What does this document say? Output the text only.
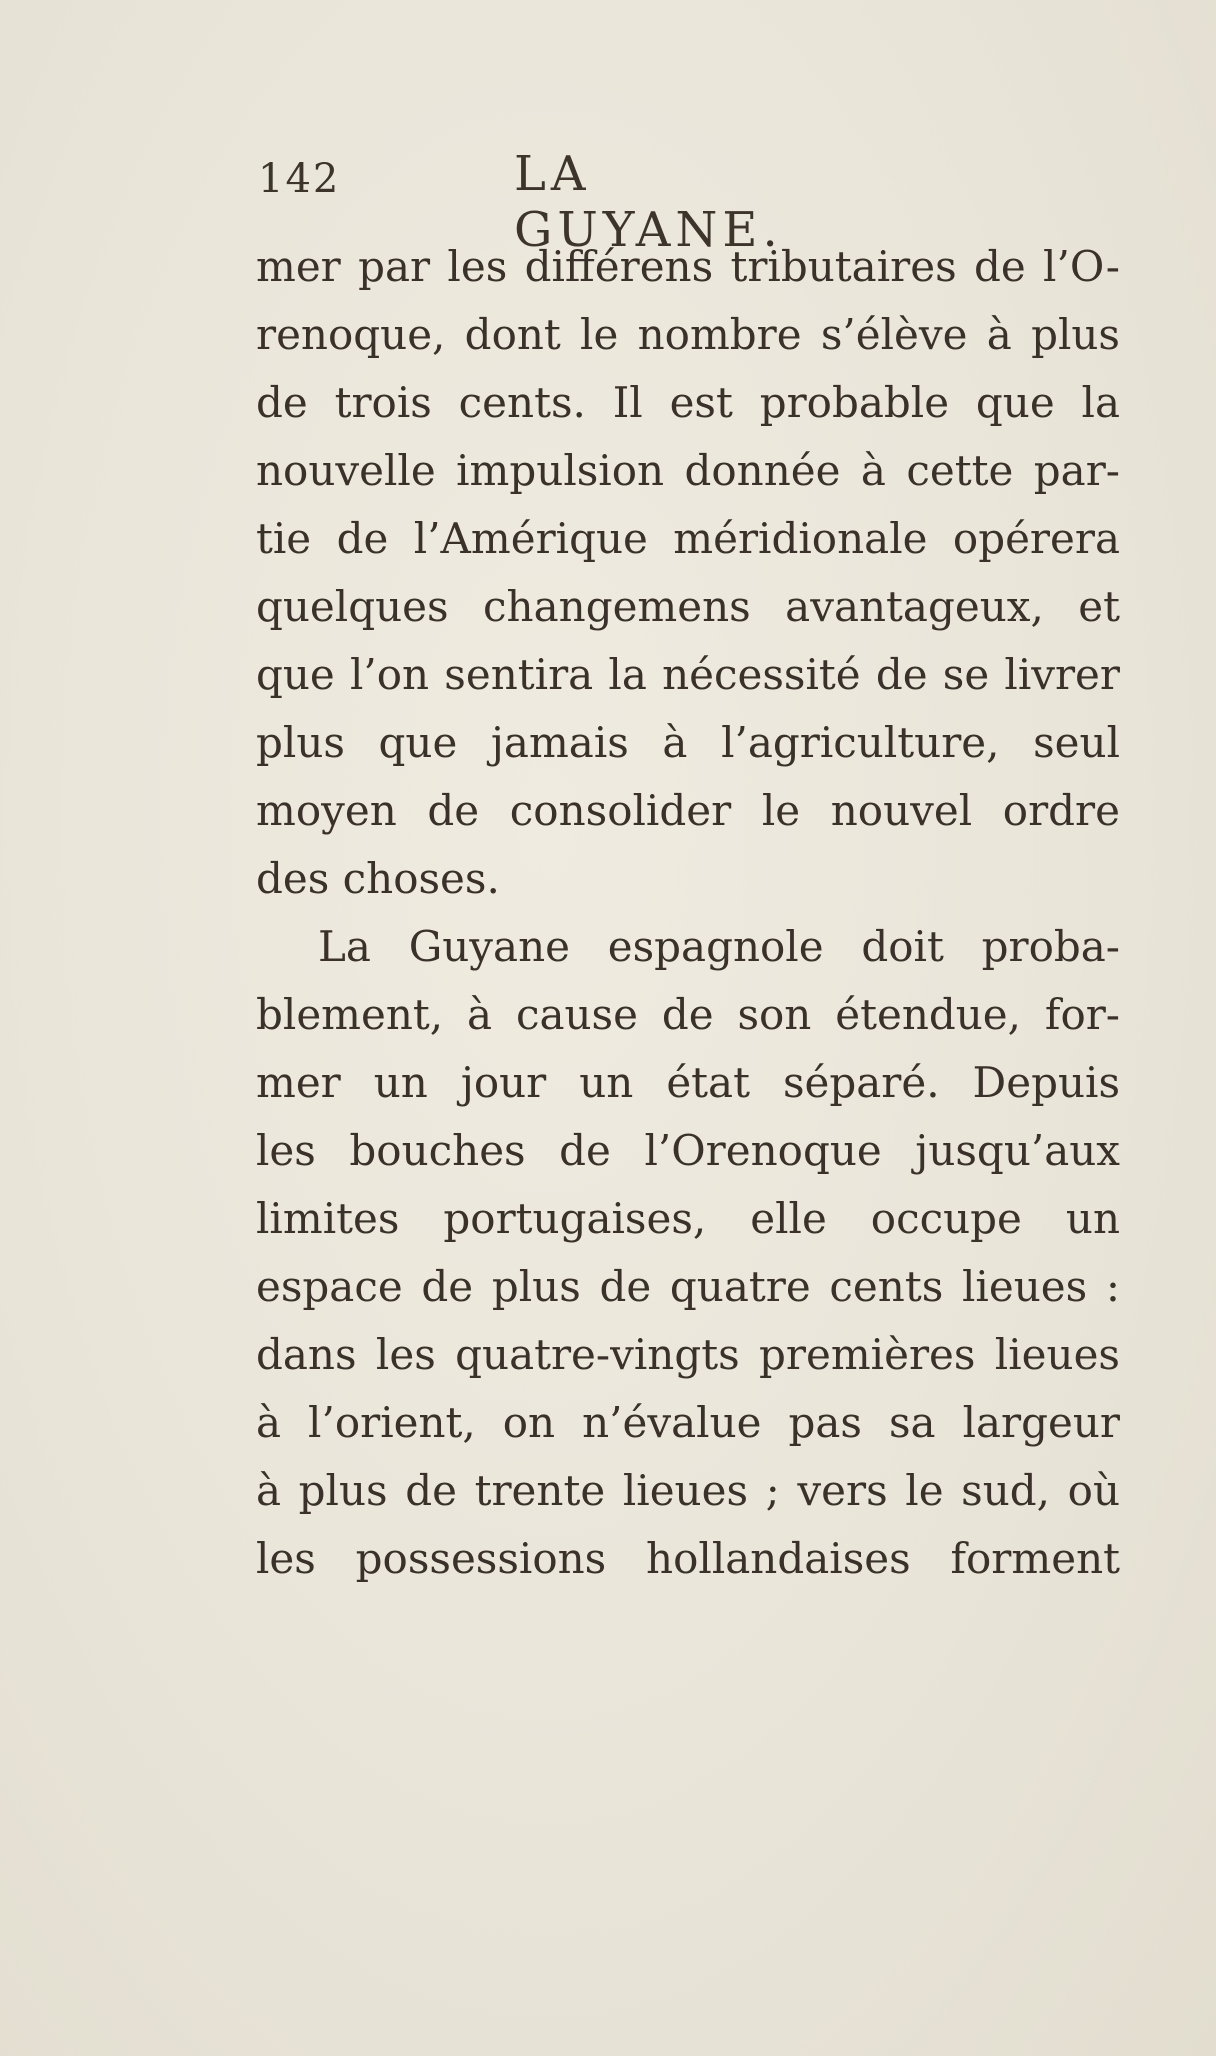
142	LA GUYANE.
mer par les différens tributaires de l’O-
renoque, dont le nombre s’élève à plus
de trois cents. Il est probable que la
nouvelle impulsion donnée à cette par-
tie de l’Amérique méridionale opérera
quelques changemens avantageux, et
que l’on sentira la nécessité de se livrer
plus que jamais à l’agriculture, seul
moyen de consolider le nouvel ordre
des choses.
La Guyane espagnole doit proba-
blement, à cause de son étendue, for-
mer un jour un état séparé. Depuis
les bouches de l’Orenoque jusqu’aux
limites portugaises, elle occupe un
espace de plus de quatre cents lieues :
dans les quatre-vingts premières lieues
à l’orient, on n’évalue pas sa largeur
à plus de trente lieues ; vers le sud, où
les possessions hollandaises forment
